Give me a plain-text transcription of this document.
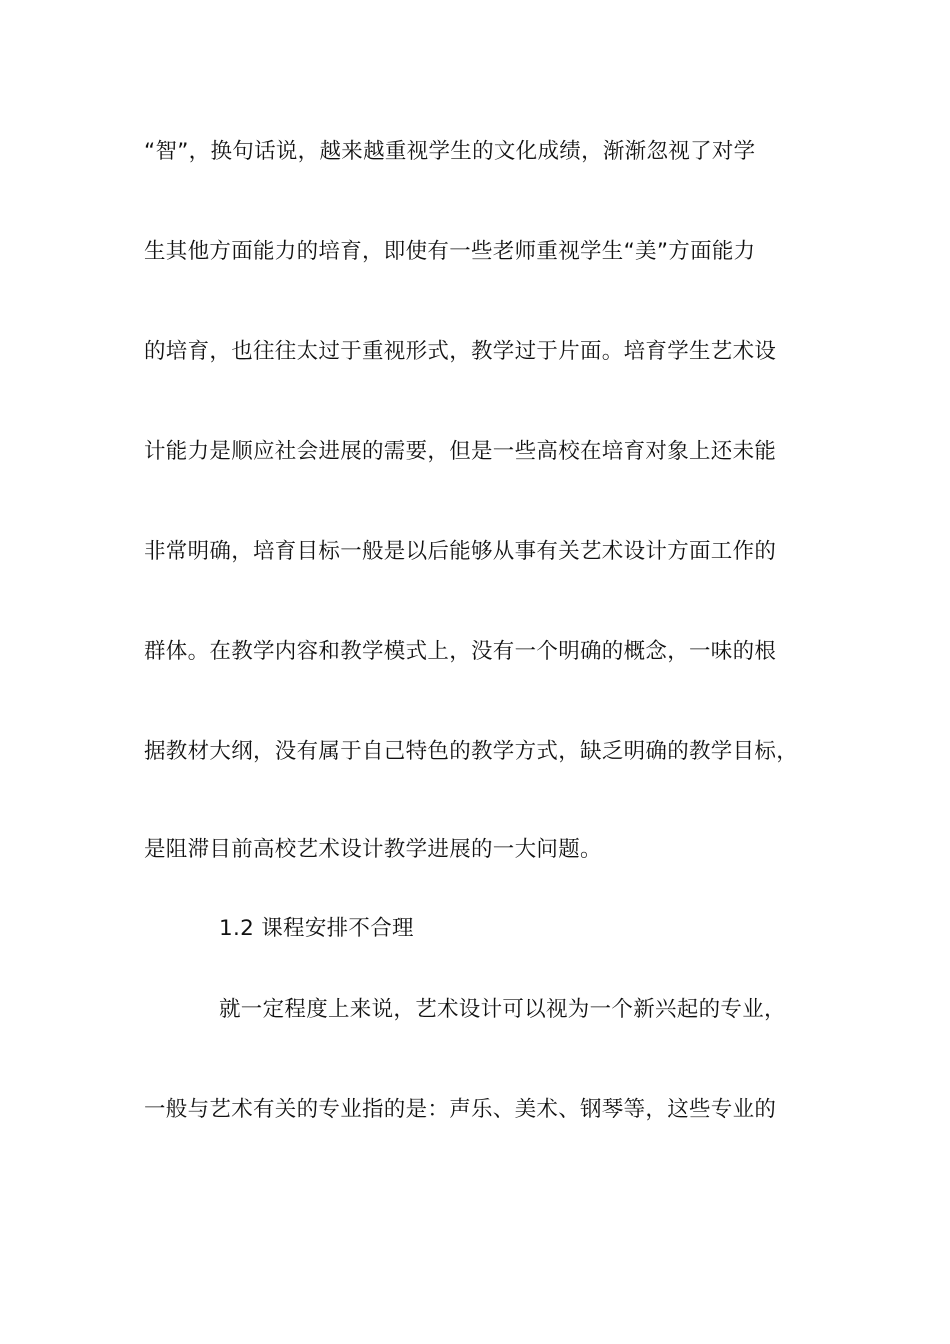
“智”，换句话说，越来越重视学生的文化成绩，渐渐忽视了对学
生其他方面能力的培育，即使有一些老师重视学生“美”方面能力
的培育，也往往太过于重视形式，教学过于片面。培育学生艺术设
计能力是顺应社会进展的需要，但是一些高校在培育对象上还未能
非常明确，培育目标一般是以后能够从事有关艺术设计方面工作的
群体。在教学内容和教学模式上，没有一个明确的概念，一味的根
据教材大纲，没有属于自己特色的教学方式，缺乏明确的教学目标，
是阻滞目前高校艺术设计教学进展的一大问题。
1.2 课程安排不合理
就一定程度上来说，艺术设计可以视为一个新兴起的专业，
一般与艺术有关的专业指的是：声乐、美术、钢琴等，这些专业的
